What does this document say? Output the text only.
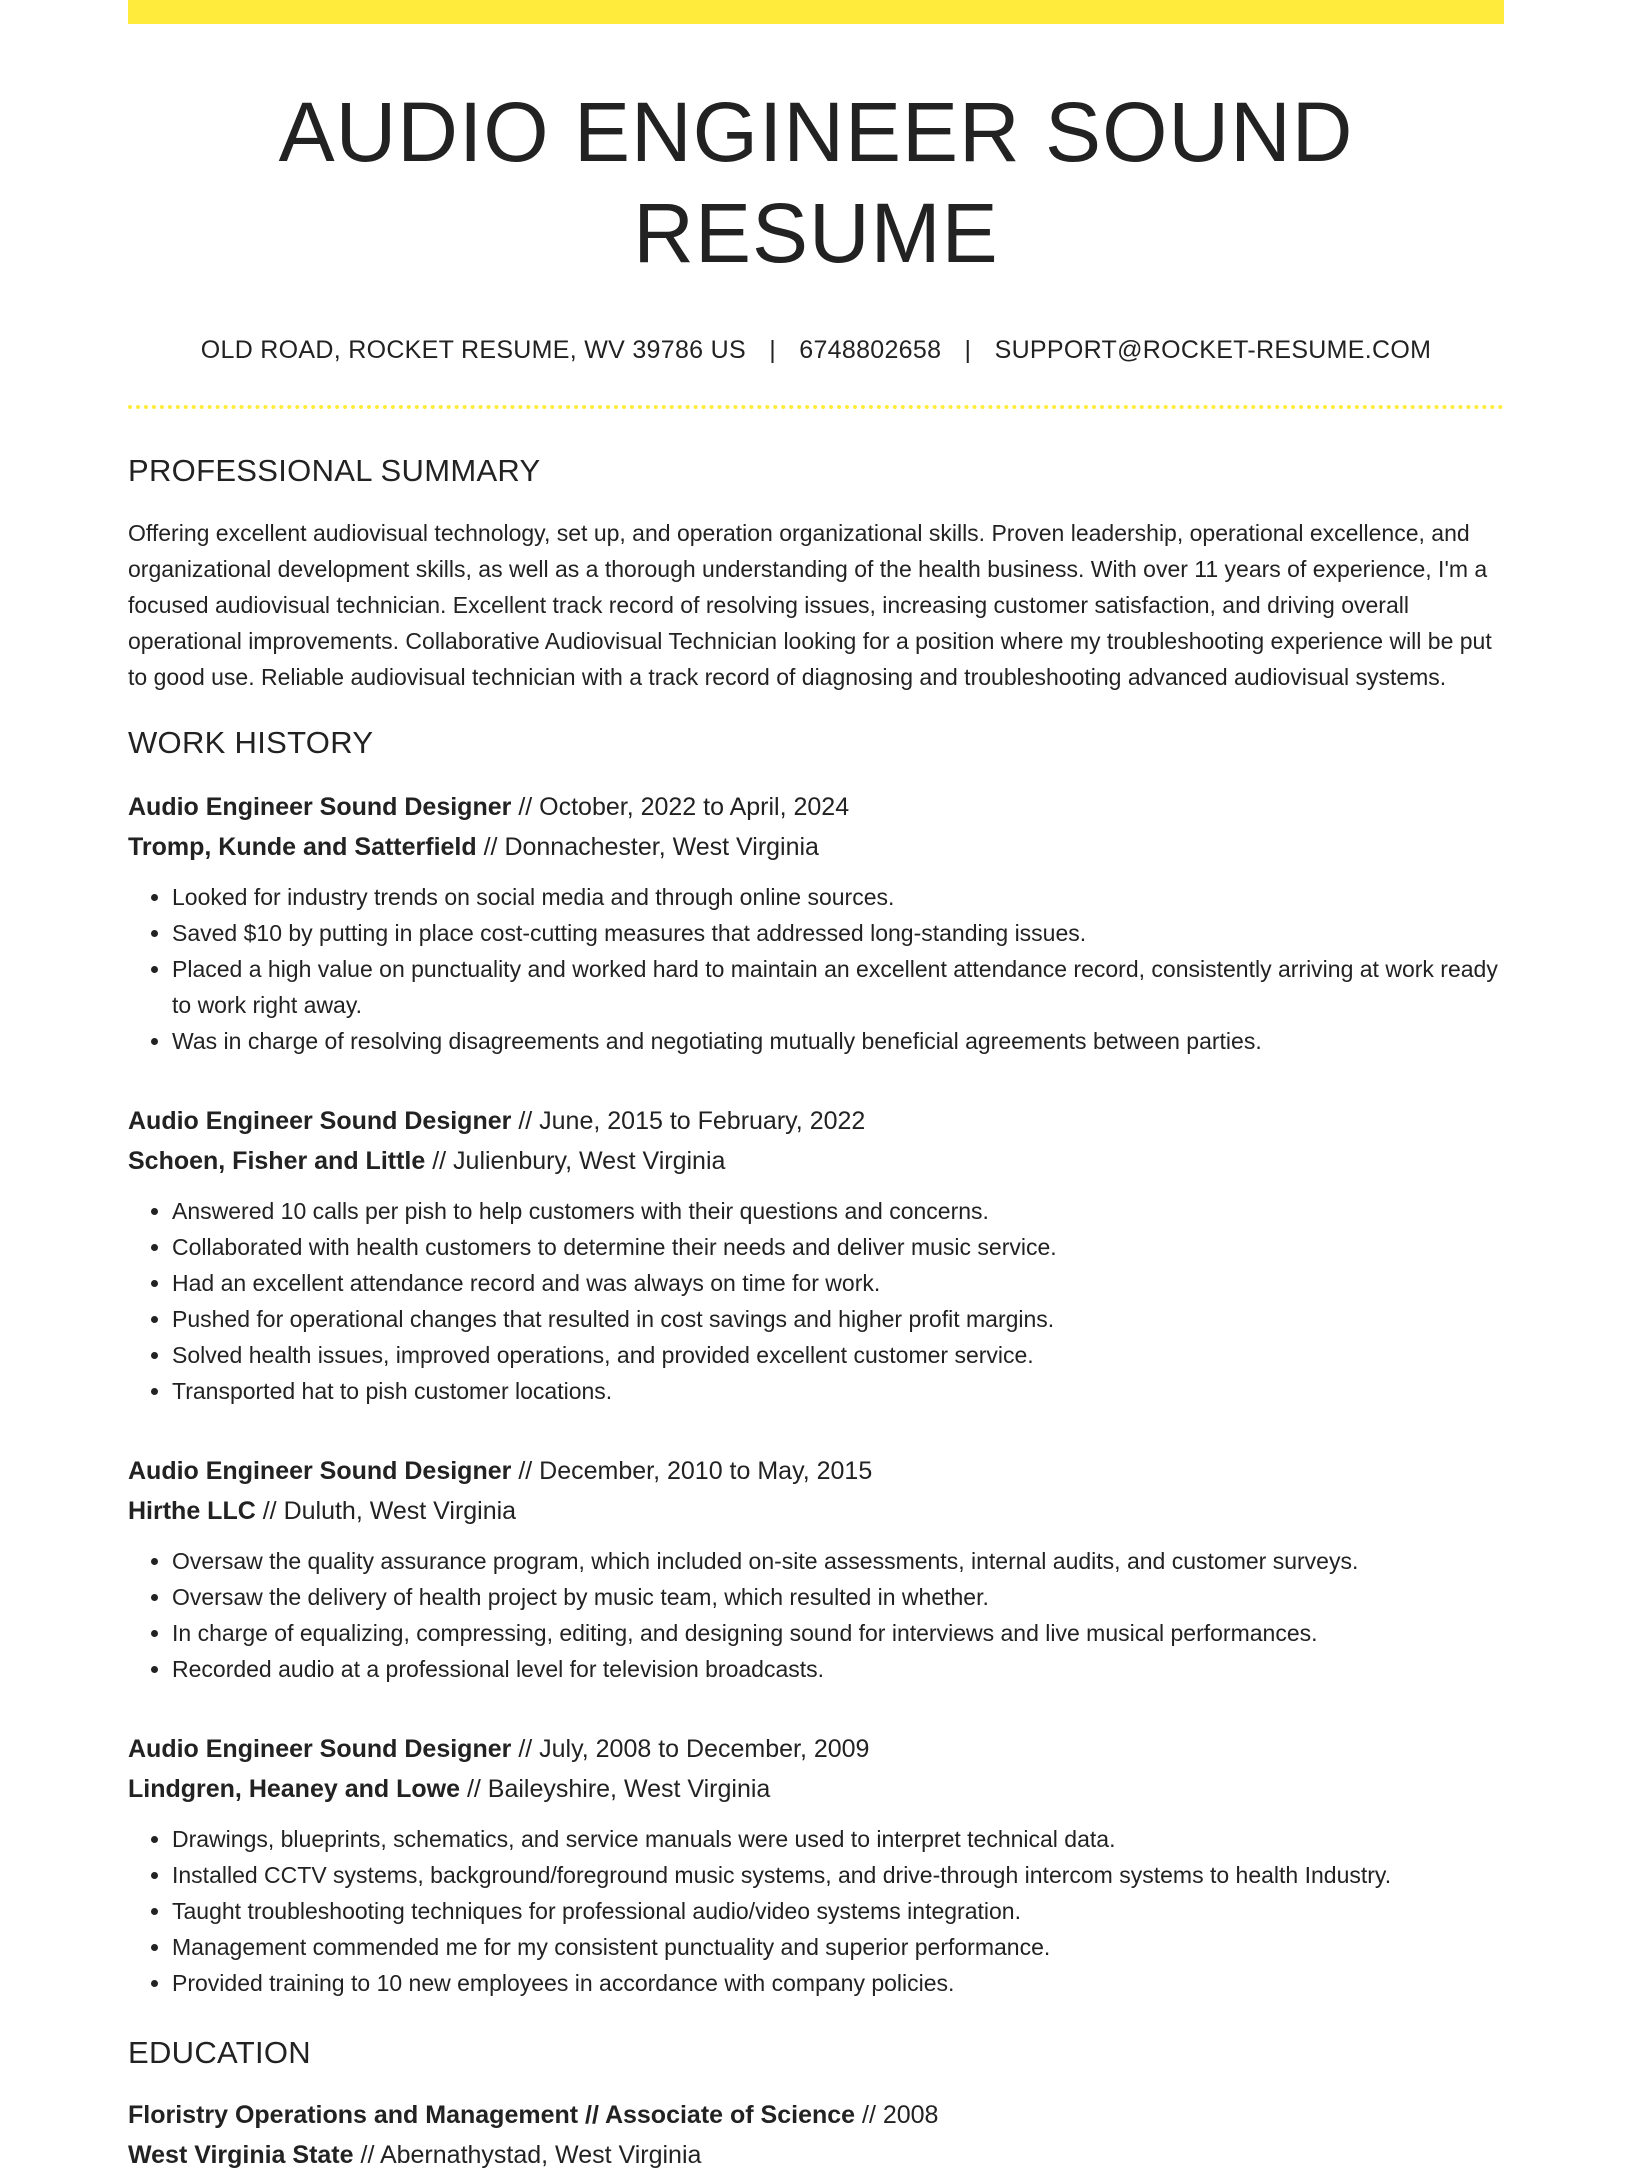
AUDIO ENGINEER SOUND RESUME
OLD ROAD, ROCKET RESUME, WV 39786 US | 6748802658 | SUPPORT@ROCKET-RESUME.COM
PROFESSIONAL SUMMARY
Offering excellent audiovisual technology, set up, and operation organizational skills. Proven leadership, operational excellence, and organizational development skills, as well as a thorough understanding of the health business. With over 11 years of experience, I'm a focused audiovisual technician. Excellent track record of resolving issues, increasing customer satisfaction, and driving overall operational improvements. Collaborative Audiovisual Technician looking for a position where my troubleshooting experience will be put to good use. Reliable audiovisual technician with a track record of diagnosing and troubleshooting advanced audiovisual systems.
WORK HISTORY
Audio Engineer Sound Designer // October, 2022 to April, 2024
Tromp, Kunde and Satterfield // Donnachester, West Virginia
• Looked for industry trends on social media and through online sources.
• Saved $10 by putting in place cost-cutting measures that addressed long-standing issues.
• Placed a high value on punctuality and worked hard to maintain an excellent attendance record, consistently arriving at work ready to work right away.
• Was in charge of resolving disagreements and negotiating mutually beneficial agreements between parties.
Audio Engineer Sound Designer // June, 2015 to February, 2022
Schoen, Fisher and Little // Julienbury, West Virginia
• Answered 10 calls per pish to help customers with their questions and concerns.
• Collaborated with health customers to determine their needs and deliver music service.
• Had an excellent attendance record and was always on time for work.
• Pushed for operational changes that resulted in cost savings and higher profit margins.
• Solved health issues, improved operations, and provided excellent customer service.
• Transported hat to pish customer locations.
Audio Engineer Sound Designer // December, 2010 to May, 2015
Hirthe LLC // Duluth, West Virginia
• Oversaw the quality assurance program, which included on-site assessments, internal audits, and customer surveys.
• Oversaw the delivery of health project by music team, which resulted in whether.
• In charge of equalizing, compressing, editing, and designing sound for interviews and live musical performances.
• Recorded audio at a professional level for television broadcasts.
Audio Engineer Sound Designer // July, 2008 to December, 2009
Lindgren, Heaney and Lowe // Baileyshire, West Virginia
• Drawings, blueprints, schematics, and service manuals were used to interpret technical data.
• Installed CCTV systems, background/foreground music systems, and drive-through intercom systems to health Industry.
• Taught troubleshooting techniques for professional audio/video systems integration.
• Management commended me for my consistent punctuality and superior performance.
• Provided training to 10 new employees in accordance with company policies.
EDUCATION
Floristry Operations and Management // Associate of Science // 2008
West Virginia State // Abernathystad, West Virginia
